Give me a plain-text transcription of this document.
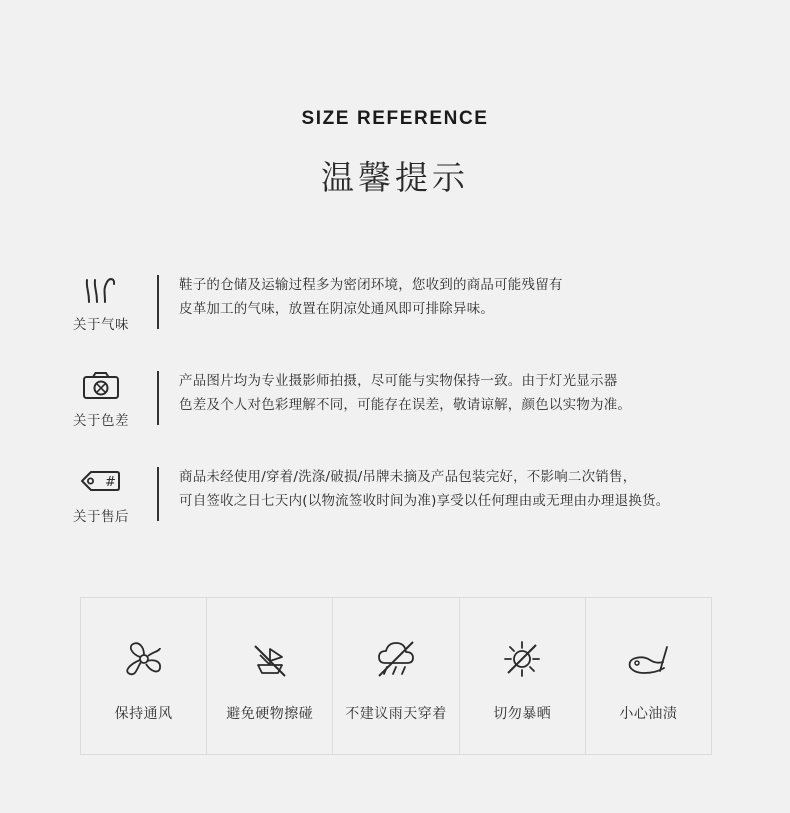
SIZE REFERENCE
温馨提示
关于气味
鞋子的仓储及运输过程多为密闭环境，您收到的商品可能残留有
皮革加工的气味，放置在阴凉处通风即可排除异味。
关于色差
产品图片均为专业摄影师拍摄，尽可能与实物保持一致。由于灯光显示器
色差及个人对色彩理解不同，可能存在误差，敬请谅解，颜色以实物为准。
#
关于售后
商品未经使用/穿着/洗涤/破损/吊牌未摘及产品包装完好，不影响二次销售，
可自签收之日七天内(以物流签收时间为准)享受以任何理由或无理由办理退换货。
保持通风	避免硬物擦碰 不建议雨天穿着	切勿暴晒	小心油渍
